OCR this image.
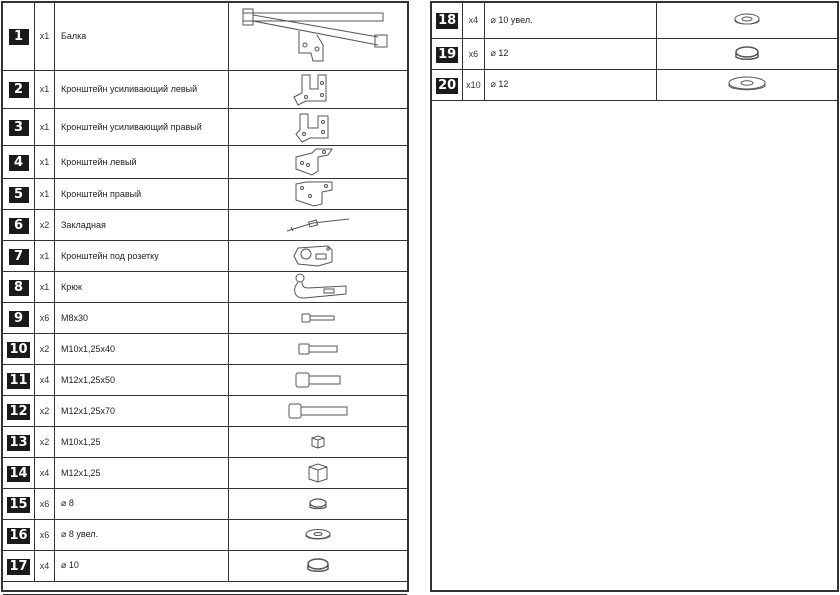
1	x1	Балка	

2	x1	Кронштейн усиливающий левый	

3	x1	Кронштейн усиливающий правый	

4	x1	Кронштейн левый	

5	x1	Кронштейн правый	

6	x2	Закладная	

7	x1	Кронштейн под розетку	

8	x1	Крюк	

9	x6	M8x30	

10	x2	M10x1,25x40	

11	x4	M12x1,25x50	

12	x2	M12x1,25x70	

13	x2	M10x1,25	

14	x4	M12x1,25	

15	x6	⌀ 8	

16	x6	⌀ 8 увел.	

17	x4	⌀ 10	

18	x4	⌀ 10 увел.	

19	x6	⌀ 12	

20	x10	⌀ 12	
